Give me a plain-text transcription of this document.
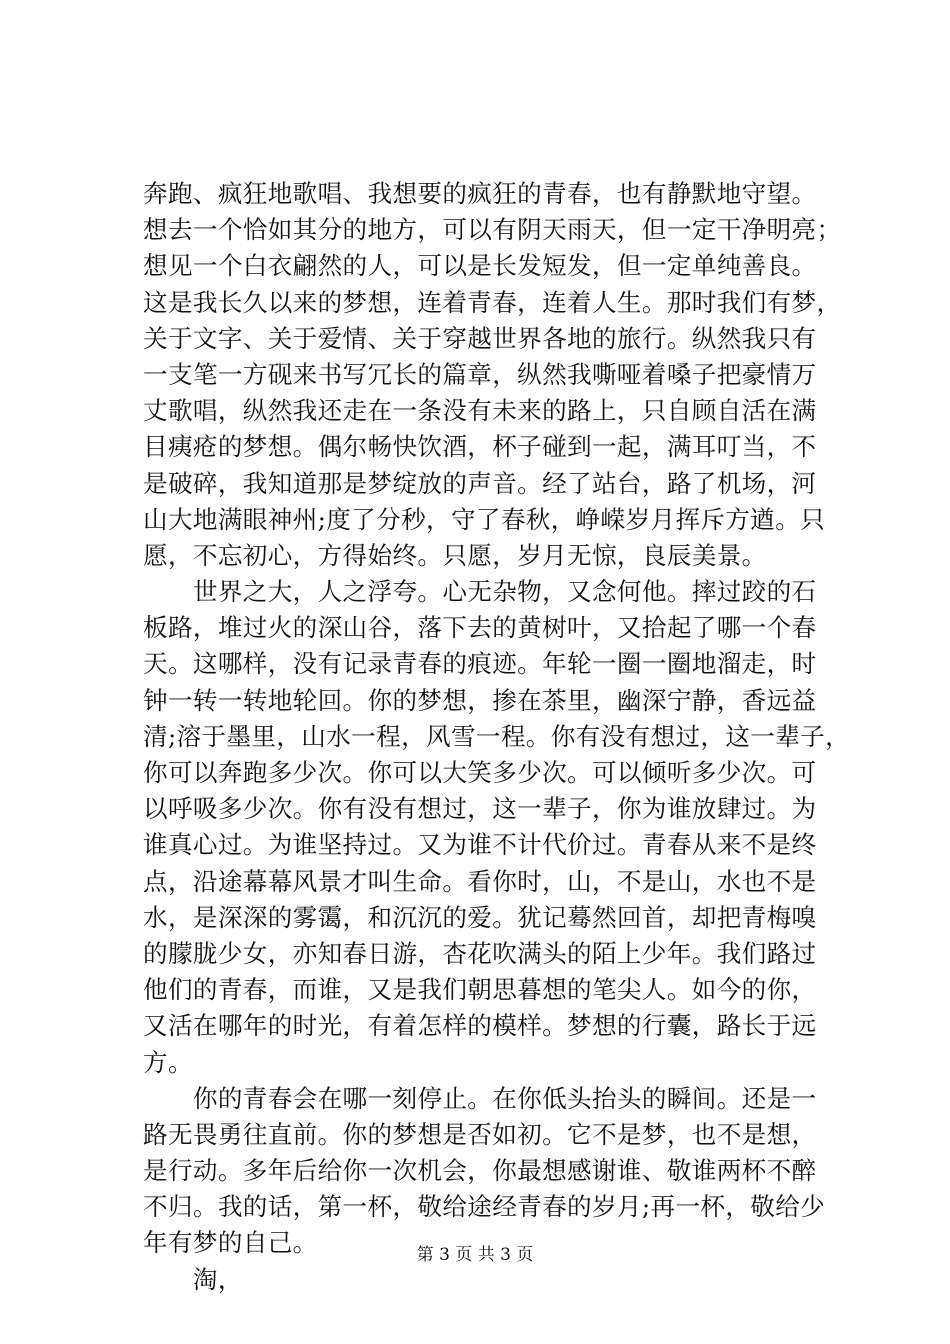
奔跑、疯狂地歌唱、我想要的疯狂的青春，也有静默地守望。
想去一个恰如其分的地方，可以有阴天雨天，但一定干净明亮；
想见一个白衣翩然的人，可以是长发短发，但一定单纯善良。
这是我长久以来的梦想，连着青春，连着人生。那时我们有梦，
关于文字、关于爱情、关于穿越世界各地的旅行。纵然我只有
一支笔一方砚来书写冗长的篇章，纵然我嘶哑着嗓子把豪情万
丈歌唱，纵然我还走在一条没有未来的路上，只自顾自活在满
目痍疮的梦想。偶尔畅快饮酒，杯子碰到一起，满耳叮当，不
是破碎，我知道那是梦绽放的声音。经了站台，路了机场，河
山大地满眼神州;度了分秒，守了春秋，峥嵘岁月挥斥方遒。只
愿，不忘初心，方得始终。只愿，岁月无惊，良辰美景。
　　世界之大，人之浮夸。心无杂物，又念何他。摔过跤的石
板路，堆过火的深山谷，落下去的黄树叶，又拾起了哪一个春
天。这哪样，没有记录青春的痕迹。年轮一圈一圈地溜走，时
钟一转一转地轮回。你的梦想，掺在茶里，幽深宁静，香远益
清;溶于墨里，山水一程，风雪一程。你有没有想过，这一辈子，
你可以奔跑多少次。你可以大笑多少次。可以倾听多少次。可
以呼吸多少次。你有没有想过，这一辈子，你为谁放肆过。为
谁真心过。为谁坚持过。又为谁不计代价过。青春从来不是终
点，沿途幕幕风景才叫生命。看你时，山，不是山，水也不是
水，是深深的雾霭，和沉沉的爱。犹记蓦然回首，却把青梅嗅
的朦胧少女，亦知春日游，杏花吹满头的陌上少年。我们路过
他们的青春，而谁，又是我们朝思暮想的笔尖人。如今的你，
又活在哪年的时光，有着怎样的模样。梦想的行囊，路长于远
方。
　　你的青春会在哪一刻停止。在你低头抬头的瞬间。还是一
路无畏勇往直前。你的梦想是否如初。它不是梦，也不是想，
是行动。多年后给你一次机会，你最想感谢谁、敬谁两杯不醉
不归。我的话，第一杯，敬给途经青春的岁月;再一杯，敬给少
年有梦的自己。
　　淘，
第 3 页 共 3 页
